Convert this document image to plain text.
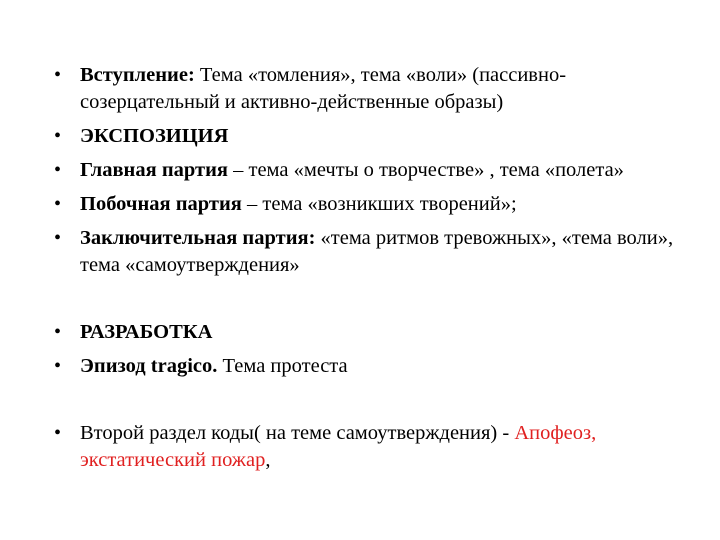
• Вступление: Тема «томления», тема «воли» (пассивно-созерцательный и активно-действенные образы)
• ЭКСПОЗИЦИЯ
• Главная партия – тема «мечты о творчестве» , тема «полета»
• Побочная партия – тема «возникших творений»;
• Заключительная партия: «тема ритмов тревожных», «тема воли», тема «самоутверждения»
• РАЗРАБОТКА
• Эпизод tragico. Тема протеста
• Второй раздел коды( на теме самоутверждения) - Апофеоз, экстатический пожар,
